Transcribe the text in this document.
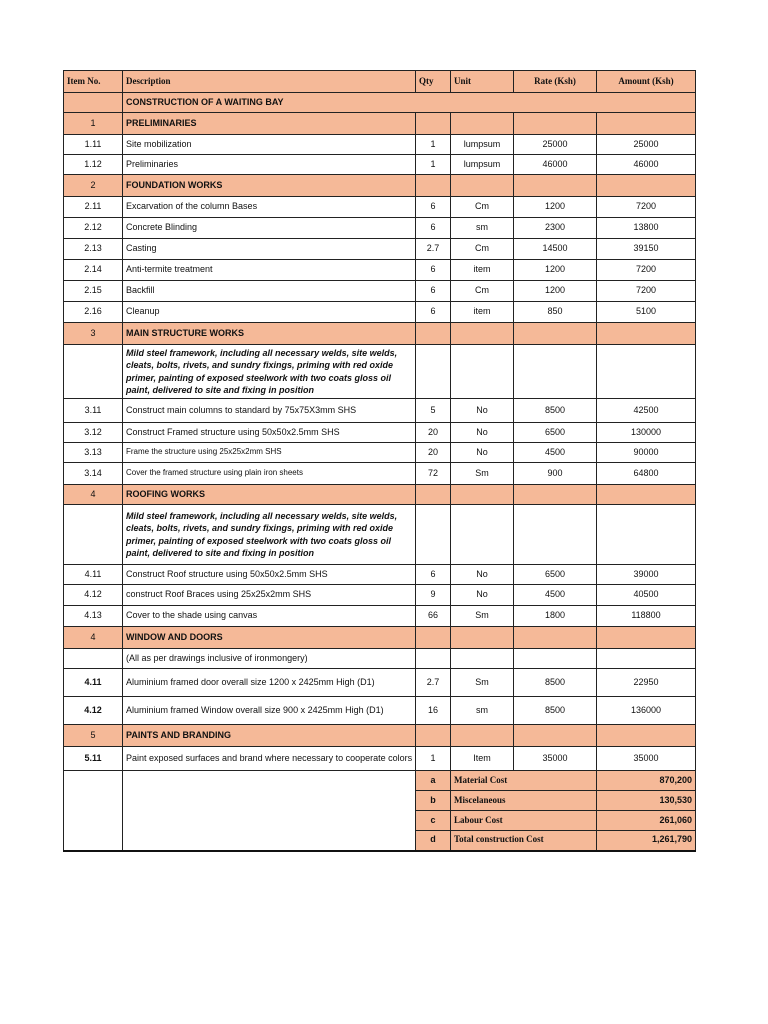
Item No.	Description	Qty	Unit	Rate (Ksh)	Amount (Ksh)
	CONSTRUCTION OF A WAITING BAY				
1	PRELIMINARIES				
1.11	Site mobilization	1	lumpsum	25000	25000
1.12	Preliminaries	1	lumpsum	46000	46000
2	FOUNDATION WORKS				
2.11	Excarvation of the column Bases	6	Cm	1200	7200
2.12	Concrete Blinding	6	sm	2300	13800
2.13	Casting	2.7	Cm	14500	39150
2.14	Anti-termite treatment	6	item	1200	7200
2.15	Backfill	6	Cm	1200	7200
2.16	Cleanup	6	item	850	5100
3	MAIN STRUCTURE WORKS				
	Mild steel framework, including all necessary welds, site welds, cleats, bolts, rivets, and sundry fixings, priming with red oxide primer, painting of exposed steelwork with two coats gloss oil paint, delivered to site and fixing in position				
3.11	Construct main columns to standard by 75x75X3mm SHS	5	No	8500	42500
3.12	Construct Framed structure using 50x50x2.5mm SHS	20	No	6500	130000
3.13	Frame the structure using 25x25x2mm SHS	20	No	4500	90000
3.14	Cover the framed structure using plain iron sheets	72	Sm	900	64800
4	ROOFING WORKS				
	Mild steel framework, including all necessary welds, site welds, cleats, bolts, rivets, and sundry fixings, priming with red oxide primer, painting of exposed steelwork with two coats gloss oil paint, delivered to site and fixing in position				
4.11	Construct Roof structure using 50x50x2.5mm SHS	6	No	6500	39000
4.12	construct Roof Braces using 25x25x2mm SHS	9	No	4500	40500
4.13	Cover to the shade using canvas	66	Sm	1800	118800
4	WINDOW AND DOORS				
	(All as per drawings inclusive of ironmongery)				
4.11	Aluminium framed door overall size 1200 x 2425mm High (D1)	2.7	Sm	8500	22950
4.12	Aluminium framed Window overall size 900 x 2425mm High (D1)	16	sm	8500	136000
5	PAINTS AND BRANDING				
5.11	Paint exposed surfaces and brand where necessary to cooperate colors	1	Item	35000	35000
		a	Material Cost		870,200
		b	Miscelaneous		130,530
		c	Labour Cost		261,060
		d	Total construction Cost		1,261,790
